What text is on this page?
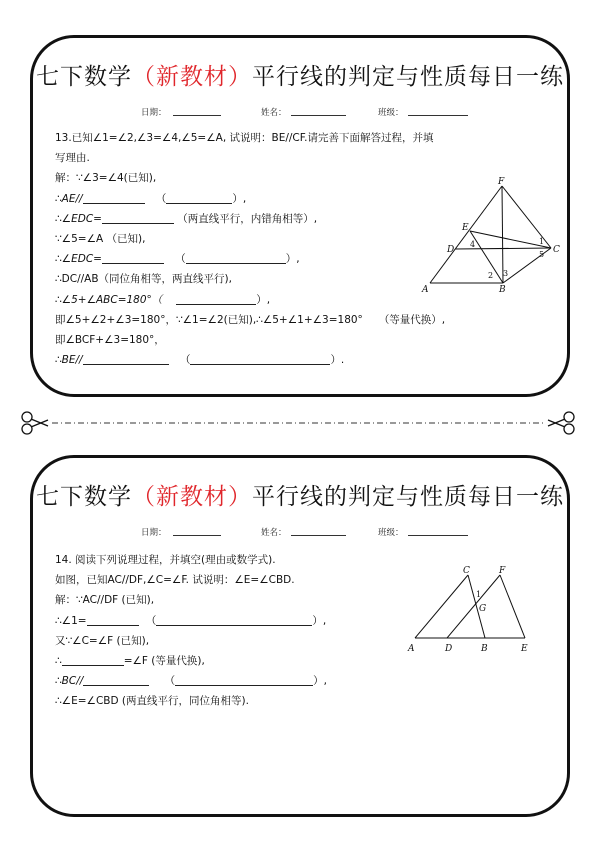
七下数学（新教材）平行线的判定与性质每日一练
日期：	姓名：	班级：
13.已知∠1=∠2,∠3=∠4,∠5=∠A, 试说明：BE//CF.请完善下面解答过程，并填
写理由.
解：∵∠3=∠4(已知),
∴AE//	（	）,
∴∠EDC=	（两直线平行，内错角相等）,
∵∠5=∠A （已知),
∴∠EDC=	（	）,
∴DC//AB（同位角相等，两直线平行),
∴∠5+∠ABC=180°（	）,
即∠5+∠2+∠3=180°，∵∠1=∠2(已知),∴∠5+∠1+∠3=180° （等量代换）,
即∠BCF+∠3=180°，
∴BE//	（	）.
F
E
D	C
A	B
1
2 3
4
5
七下数学（新教材）平行线的判定与性质每日一练
日期：	姓名：	班级：
14. 阅读下列说理过程，并填空(理由或数学式).
如图，已知AC//DF,∠C=∠F. 试说明：∠E=∠CBD.
解：∵AC//DF (已知),
∴∠1=	（	）,
又∵∠C=∠F (已知),
∴	=∠F (等量代换),
∴BC//	（	）,
∴∠E=∠CBD (两直线平行，同位角相等).
C	F
G
A	D	B	E
1
